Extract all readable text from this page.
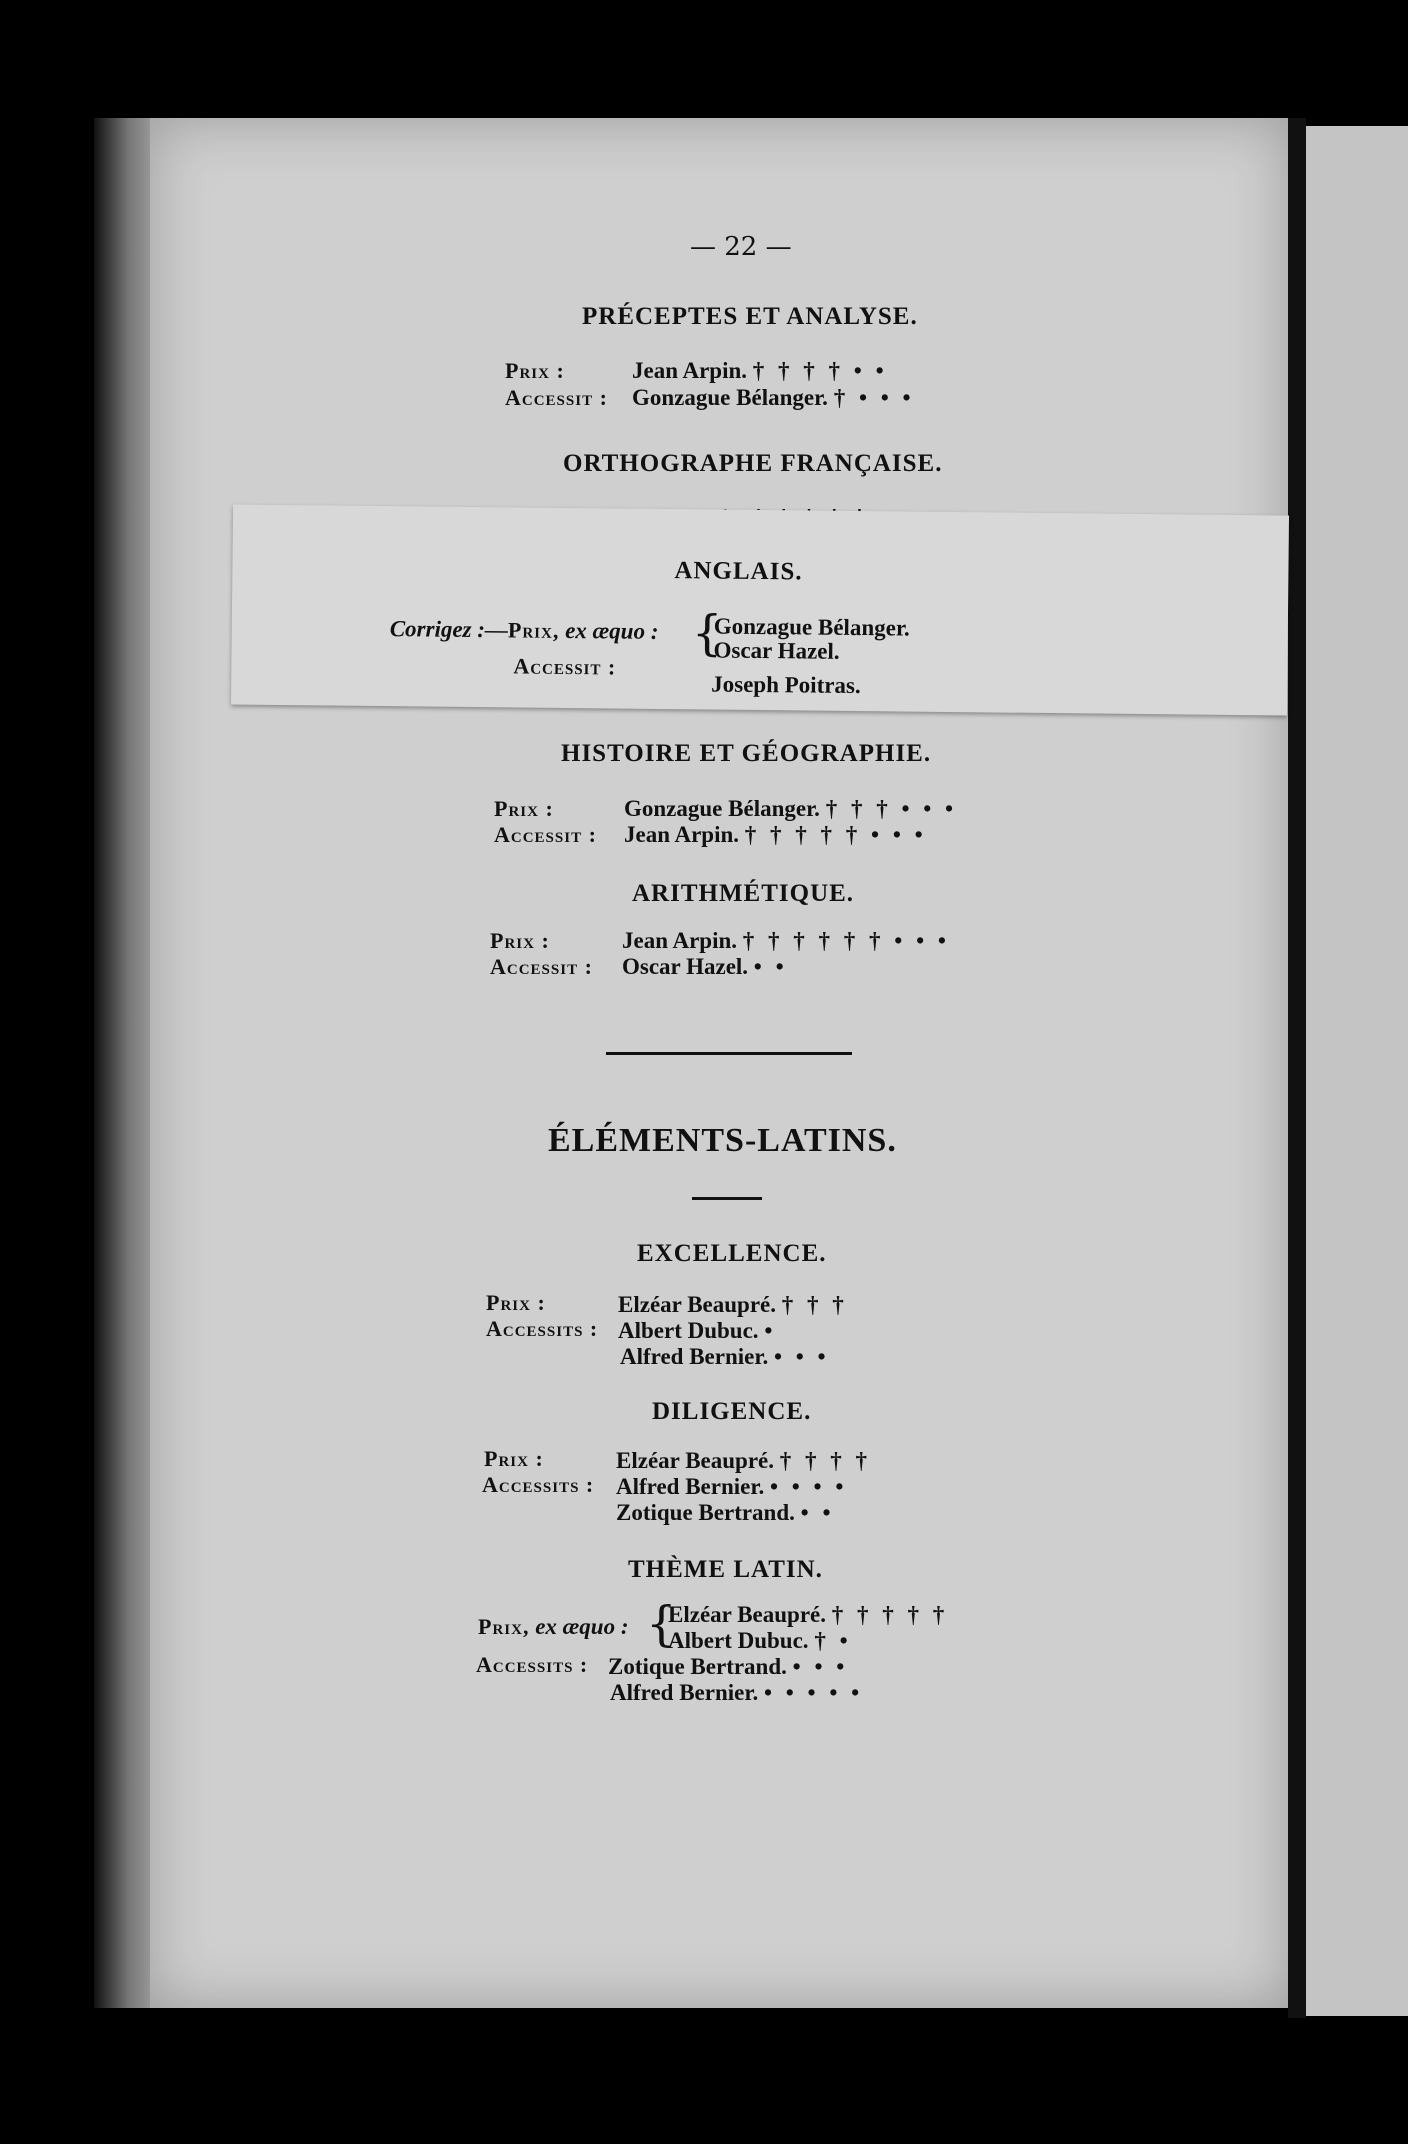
— 22 —
PRÉCEPTES ET ANALYSE.
Prix :	Jean Arpin. † † † † • •
Accessit : Gonzague Bélanger. † • • •
ORTHOGRAPHE FRANÇAISE.
ANGLAIS.
Corrigez :—Prix, ex æquo : {
Gonzague Bélanger.
Oscar Hazel.
Accessit :
Joseph Poitras.
HISTOIRE ET GÉOGRAPHIE.
Prix :	Gonzague Bélanger. † † † • • •
Accessit : Jean Arpin. † † † † † • • •
ARITHMÉTIQUE.
Prix :	Jean Arpin. † † † † † † • • •
Accessit : Oscar Hazel. • •
ÉLÉMENTS-LATINS.
EXCELLENCE.
Prix :	Elzéar Beaupré. † † †
Accessits : Albert Dubuc. •
Alfred Bernier. • • •
DILIGENCE.
Prix :	Elzéar Beaupré. † † † †
Accessits : Alfred Bernier. • • • •
Zotique Bertrand. • •
THÈME LATIN.
Prix, ex æquo : {
Elzéar Beaupré. † † † † †
Albert Dubuc. † •
Accessits : Zotique Bertrand. • • •
Alfred Bernier. • • • • •
